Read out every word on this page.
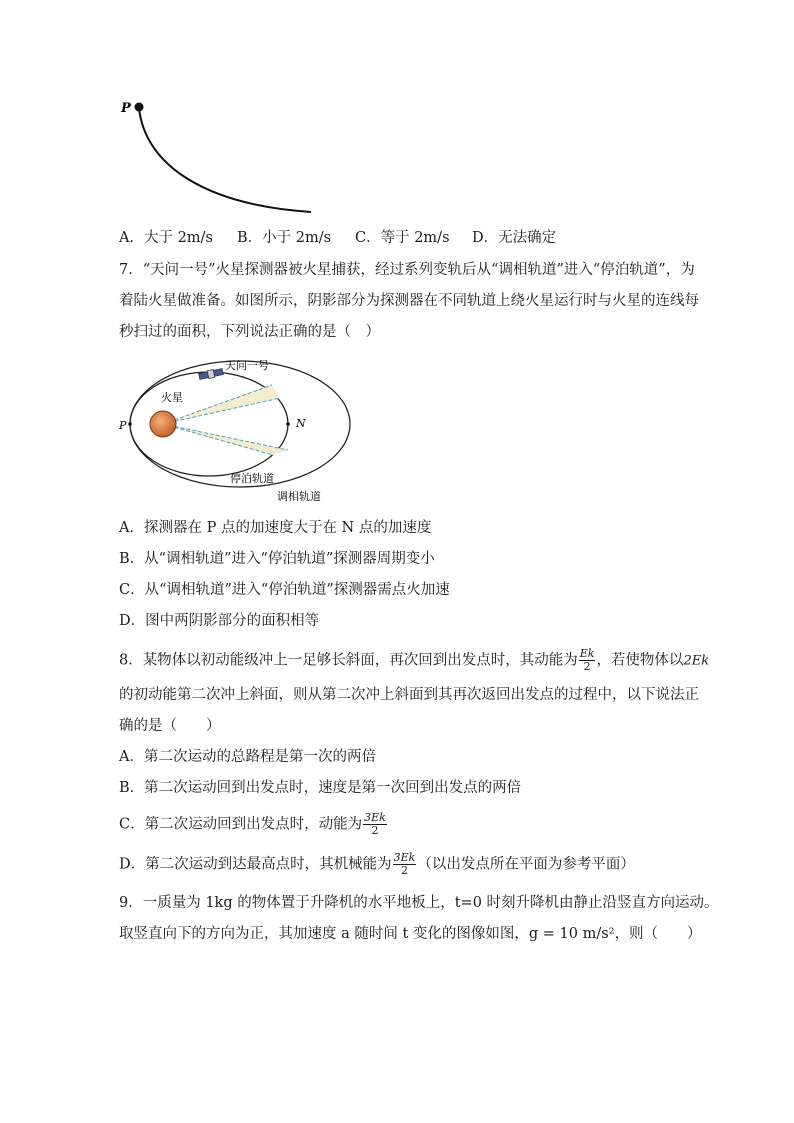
P
A．大于 2m/s B．小于 2m/s C．等于 2m/s D．无法确定
7．“天问一号”火星探测器被火星捕获，经过系列变轨后从“调相轨道”进入“停泊轨道”，为
着陆火星做准备。如图所示，阴影部分为探测器在不同轨道上绕火星运行时与火星的连线每
秒扫过的面积，下列说法正确的是（　）
火星
天问一号
P	N
停泊轨道
调相轨道
A．探测器在 P 点的加速度大于在 N 点的加速度
B．从“调相轨道”进入“停泊轨道”探测器周期变小
C．从“调相轨道”进入“停泊轨道”探测器需点火加速
D．图中两阴影部分的面积相等
8．某物体以初动能级冲上一足够长斜面，再次回到出发点时，其动能为 $\frac{Ek}{2}$ ，若使物体以2Ek
的初动能第二次冲上斜面，则从第二次冲上斜面到其再次返回出发点的过程中，以下说法正
确的是（　　）
A．第二次运动的总路程是第一次的两倍
B．第二次运动回到出发点时，速度是第一次回到出发点的两倍
C．第二次运动回到出发点时，动能为 $\frac{3Ek}{2}$
D．第二次运动到达最高点时，其机械能为 $\frac{3Ek}{2}$ （以出发点所在平面为参考平面）
9．一质量为 1kg 的物体置于升降机的水平地板上，t=0 时刻升降机由静止沿竖直方向运动。
取竖直向下的方向为正，其加速度 a 随时间 t 变化的图像如图，g = 10 m/s²，则（　　）
